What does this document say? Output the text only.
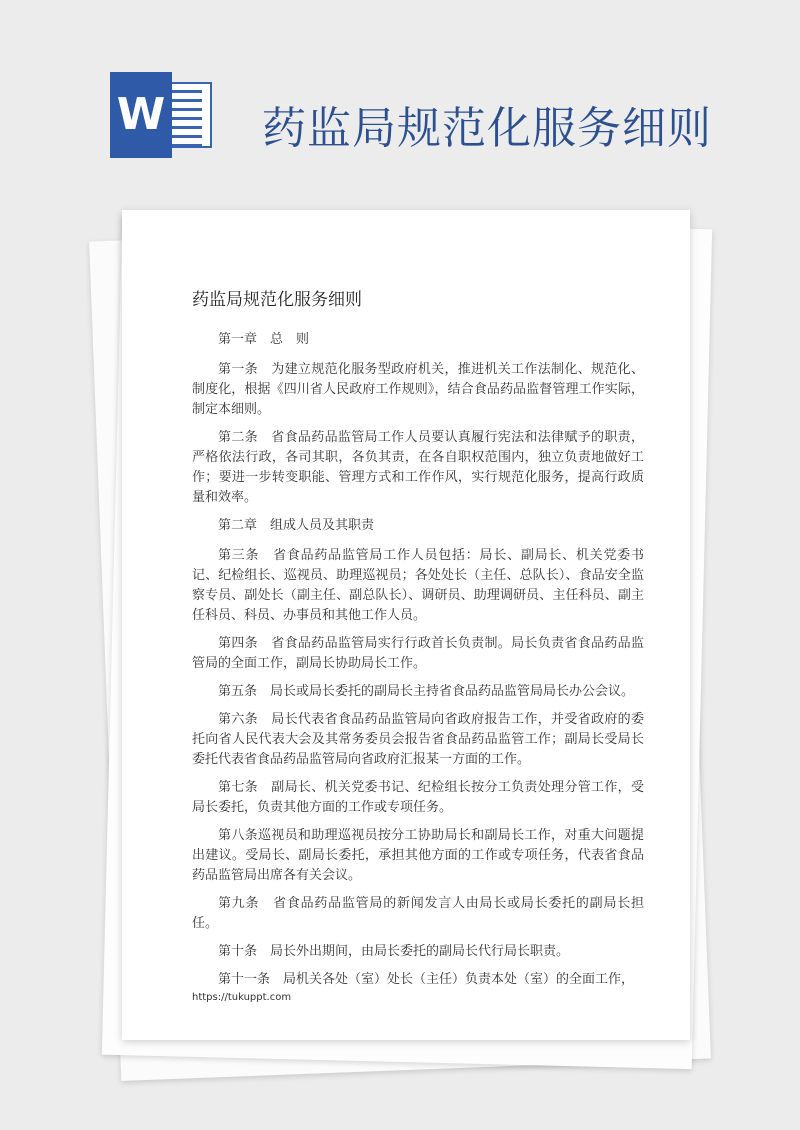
W 药监局规范化服务细则
药监局规范化服务细则

第一章　总　则

第一条　为建立规范化服务型政府机关，推进机关工作法制化、规范化、制度化，根据《四川省人民政府工作规则》，结合食品药品监督管理工作实际，制定本细则。

第二条　省食品药品监管局工作人员要认真履行宪法和法律赋予的职责，严格依法行政，各司其职，各负其责，在各自职权范围内，独立负责地做好工作；要进一步转变职能、管理方式和工作作风，实行规范化服务，提高行政质量和效率。

第二章　组成人员及其职责

第三条　省食品药品监管局工作人员包括：局长、副局长、机关党委书记、纪检组长、巡视员、助理巡视员；各处处长（主任、总队长）、食品安全监察专员、副处长（副主任、副总队长）、调研员、助理调研员、主任科员、副主任科员、科员、办事员和其他工作人员。

第四条　省食品药品监管局实行行政首长负责制。局长负责省食品药品监管局的全面工作，副局长协助局长工作。

第五条　局长或局长委托的副局长主持省食品药品监管局局长办公会议。

第六条　局长代表省食品药品监管局向省政府报告工作，并受省政府的委托向省人民代表大会及其常务委员会报告省食品药品监管工作；副局长受局长委托代表省食品药品监管局向省政府汇报某一方面的工作。

第七条　副局长、机关党委书记、纪检组长按分工负责处理分管工作，受局长委托，负责其他方面的工作或专项任务。

第八条巡视员和助理巡视员按分工协助局长和副局长工作，对重大问题提出建议。受局长、副局长委托，承担其他方面的工作或专项任务，代表省食品药品监管局出席各有关会议。

第九条　省食品药品监管局的新闻发言人由局长或局长委托的副局长担任。

第十条　局长外出期间，由局长委托的副局长代行局长职责。

第十一条　局机关各处（室）处长（主任）负责本处（室）的全面工作，

https://tukuppt.com
